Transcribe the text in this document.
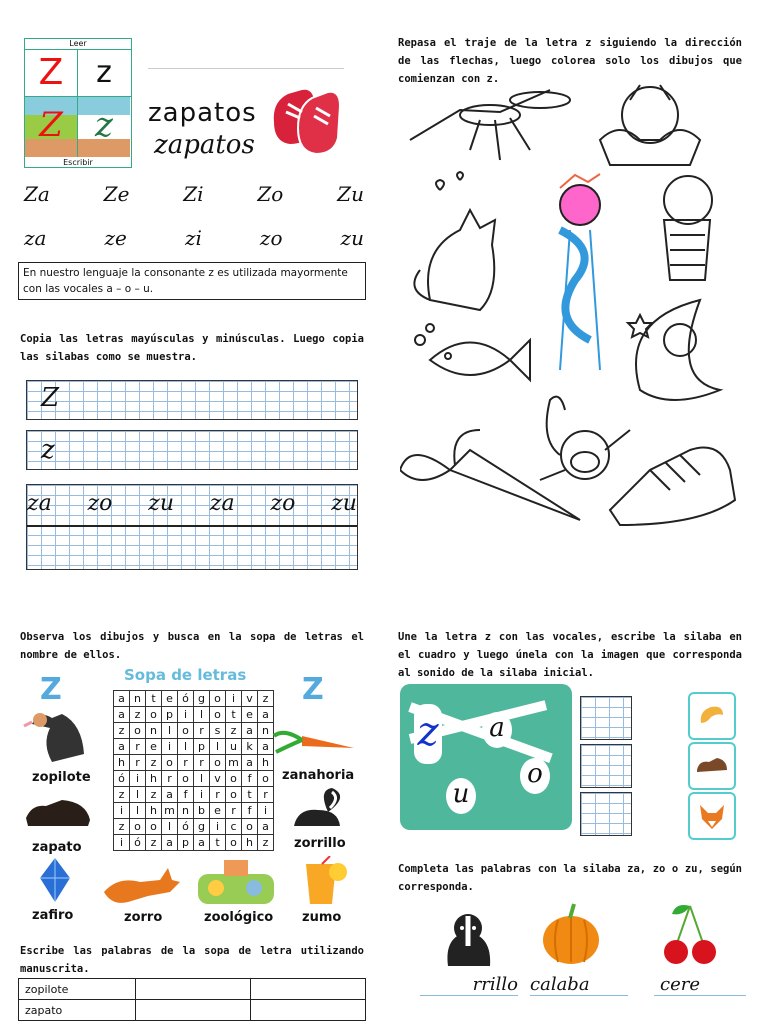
Leer
Z	z
Z z
Escribir
zapatos
zapatos
Za	Ze	Zi	Zo	Zu
za	ze	zi	zo	zu
En nuestro lenguaje la consonante z es utilizada mayormente con las vocales a – o – u.
Copia las letras mayúsculas y minúsculas. Luego copia las silabas como se muestra.
Z
z
za zo zu za zo zu
Repasa el traje de la letra z siguiendo la dirección de las flechas, luego colorea solo los dibujos que comienzan con z.
Observa los dibujos y busca en la sopa de letras el nombre de ellos.
Sopa de letras
Z	Z
a	n	t	e	ó	g	o	i	v	z
a	z	o	p	i	l	o	t	e	a
z	o	n	l	o	r	s	z	a	n
a	r	e	i	l	p	l	u	k	a
h	r	z	o	r	r	o	m	a	h
ó	i	h	r	o	l	v	o	f	o
z	l	z	a	f	i	r	o	t	r
i	l	h	m	n	b	e	r	f	i
z	o	o	l	ó	g	i	c	o	a
i	ó	z	a	p	a	t	o	h	z
zopilote
zapato
zafiro	zorro	zoológico zumo
zanahoria
zorrillo
Escribe las palabras de la sopa de letra utilizando manuscrita.
zopilote		
zapato		
Une la letra z con las vocales, escribe la silaba en el cuadro y luego únela con la imagen que corresponda al sonido de la silaba inicial.
z a
o
u
Completa las palabras con la silaba za, zo o zu, según corresponda.
rrillo calaba	cere
